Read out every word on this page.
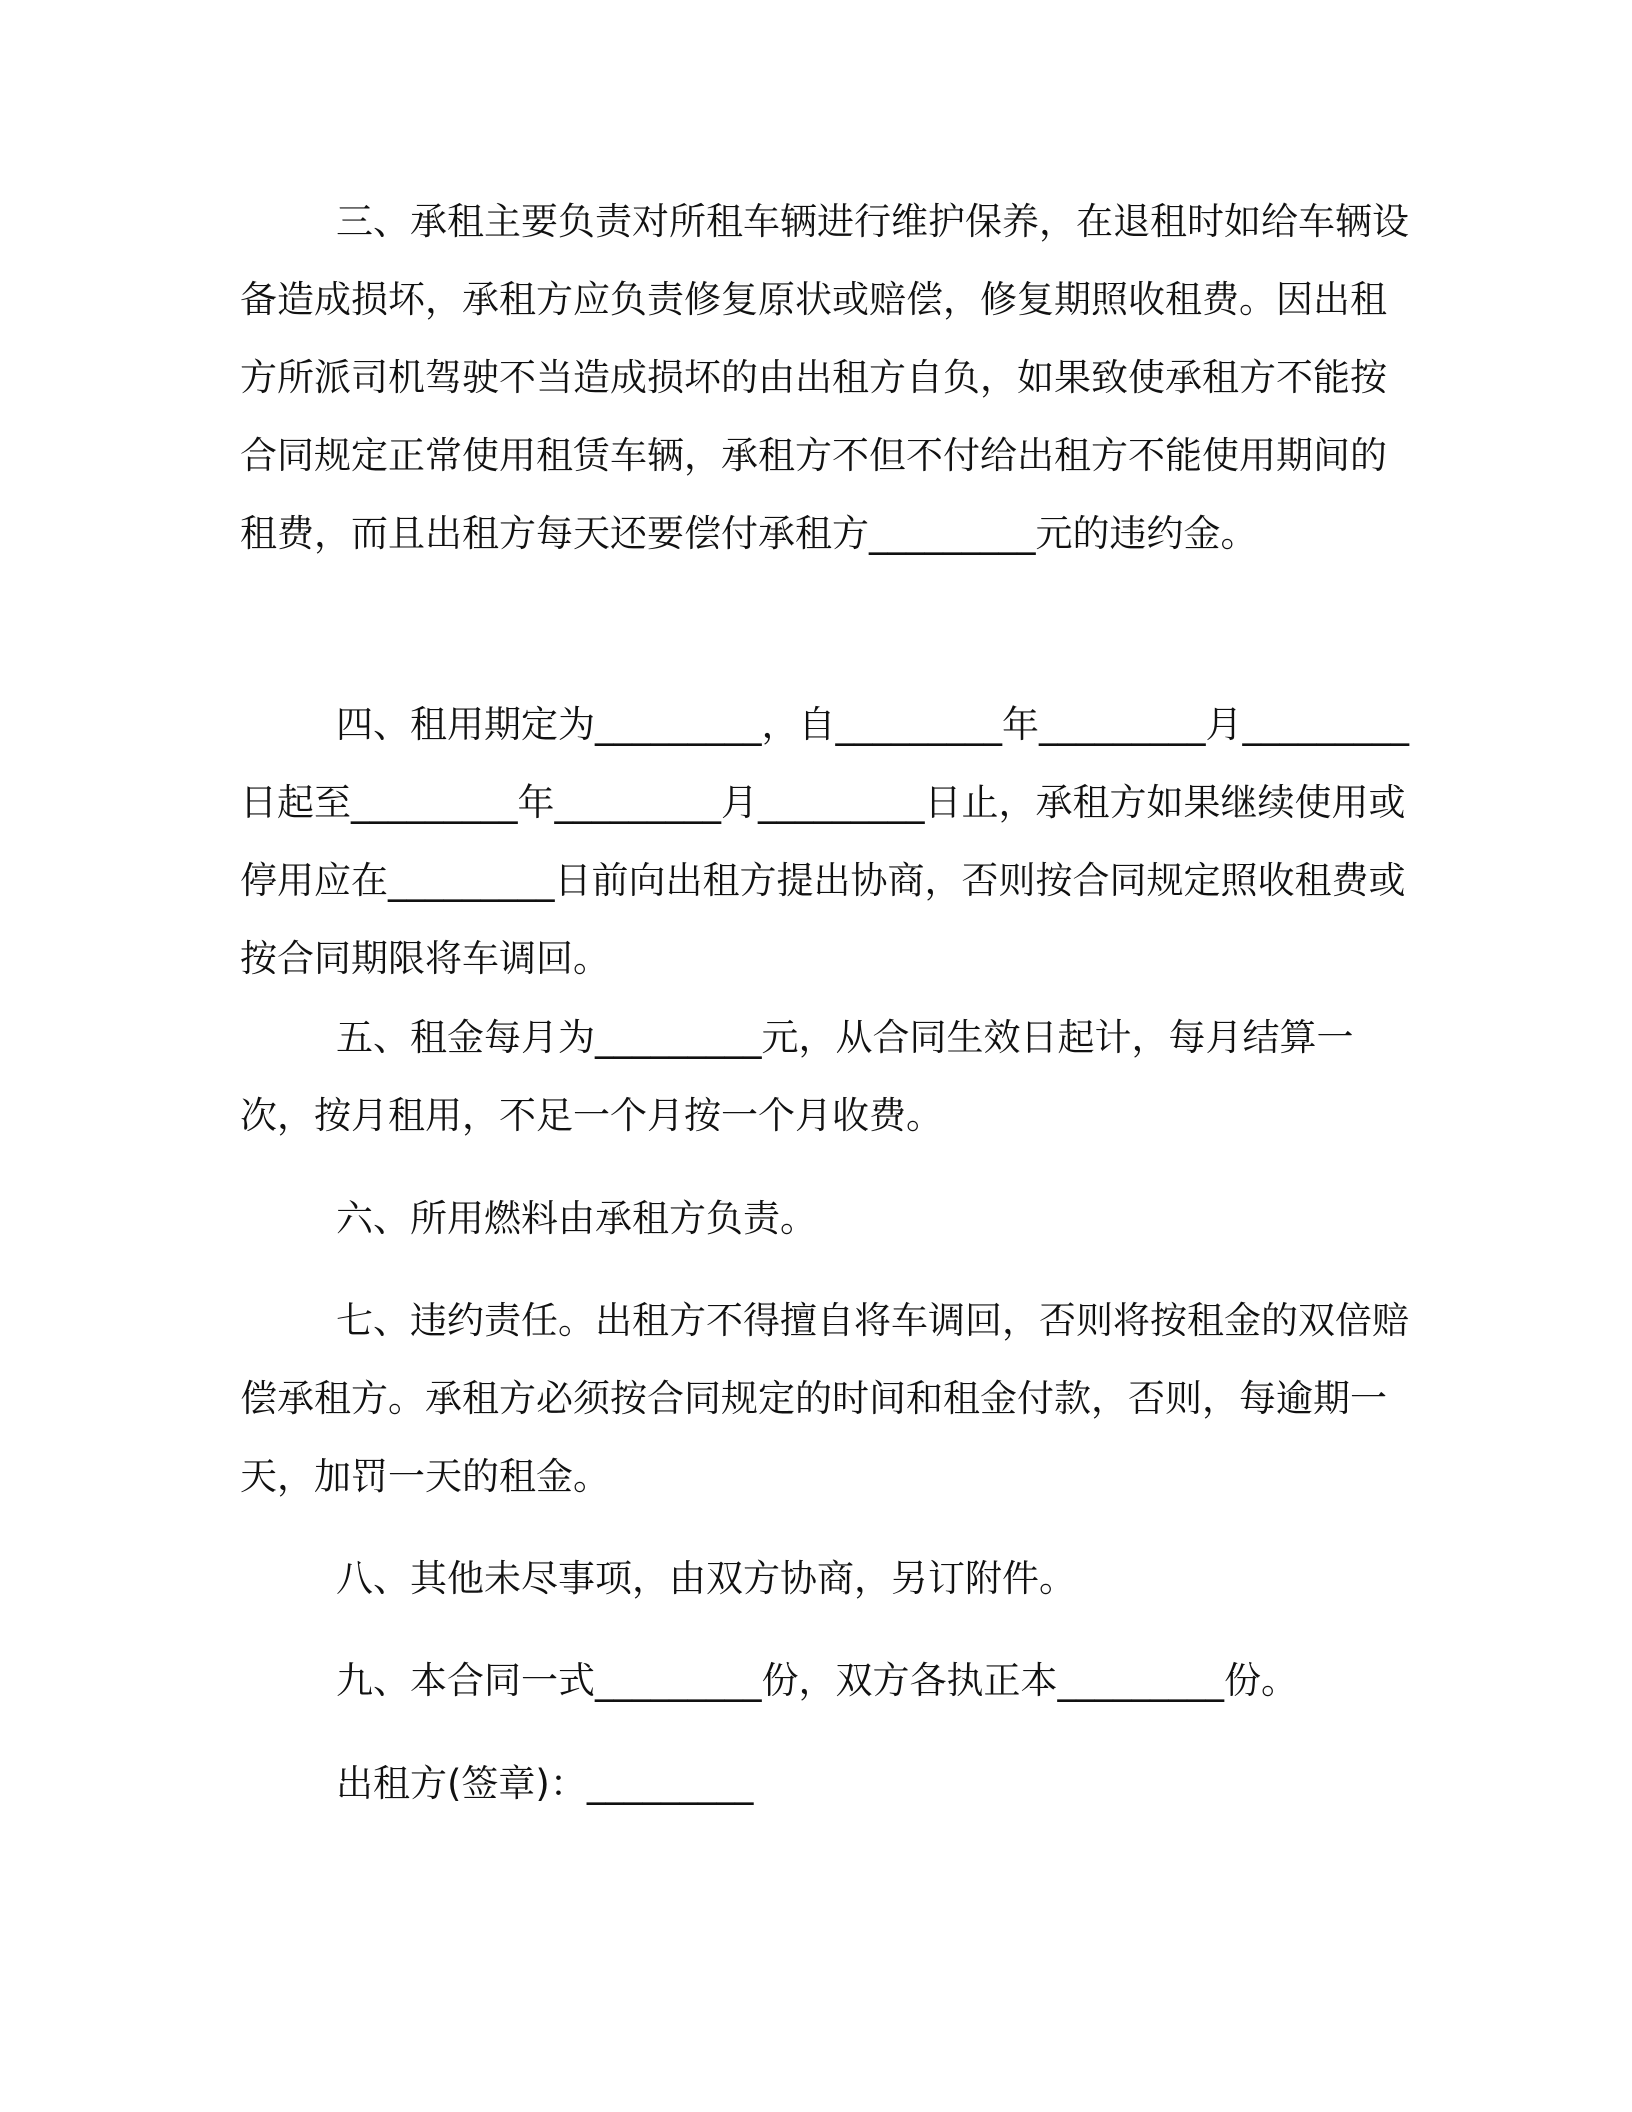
三、承租主要负责对所租车辆进行维护保养，在退租时如给车辆设备造成损坏，承租方应负责修复原状或赔偿，修复期照收租费。因出租方所派司机驾驶不当造成损坏的由出租方自负，如果致使承租方不能按合同规定正常使用租赁车辆，承租方不但不付给出租方不能使用期间的租费，而且出租方每天还要偿付承租方_________元的违约金。

四、租用期定为_________，自_________年_________月_________日起至_________年_________月_________日止，承租方如果继续使用或停用应在_________日前向出租方提出协商，否则按合同规定照收租费或按合同期限将车调回。

五、租金每月为_________元，从合同生效日起计，每月结算一次，按月租用，不足一个月按一个月收费。

六、所用燃料由承租方负责。

七、违约责任。出租方不得擅自将车调回，否则将按租金的双倍赔偿承租方。承租方必须按合同规定的时间和租金付款，否则，每逾期一天，加罚一天的租金。

八、其他未尽事项，由双方协商，另订附件。

九、本合同一式_________份，双方各执正本_________份。

出租方(签章)：_________
